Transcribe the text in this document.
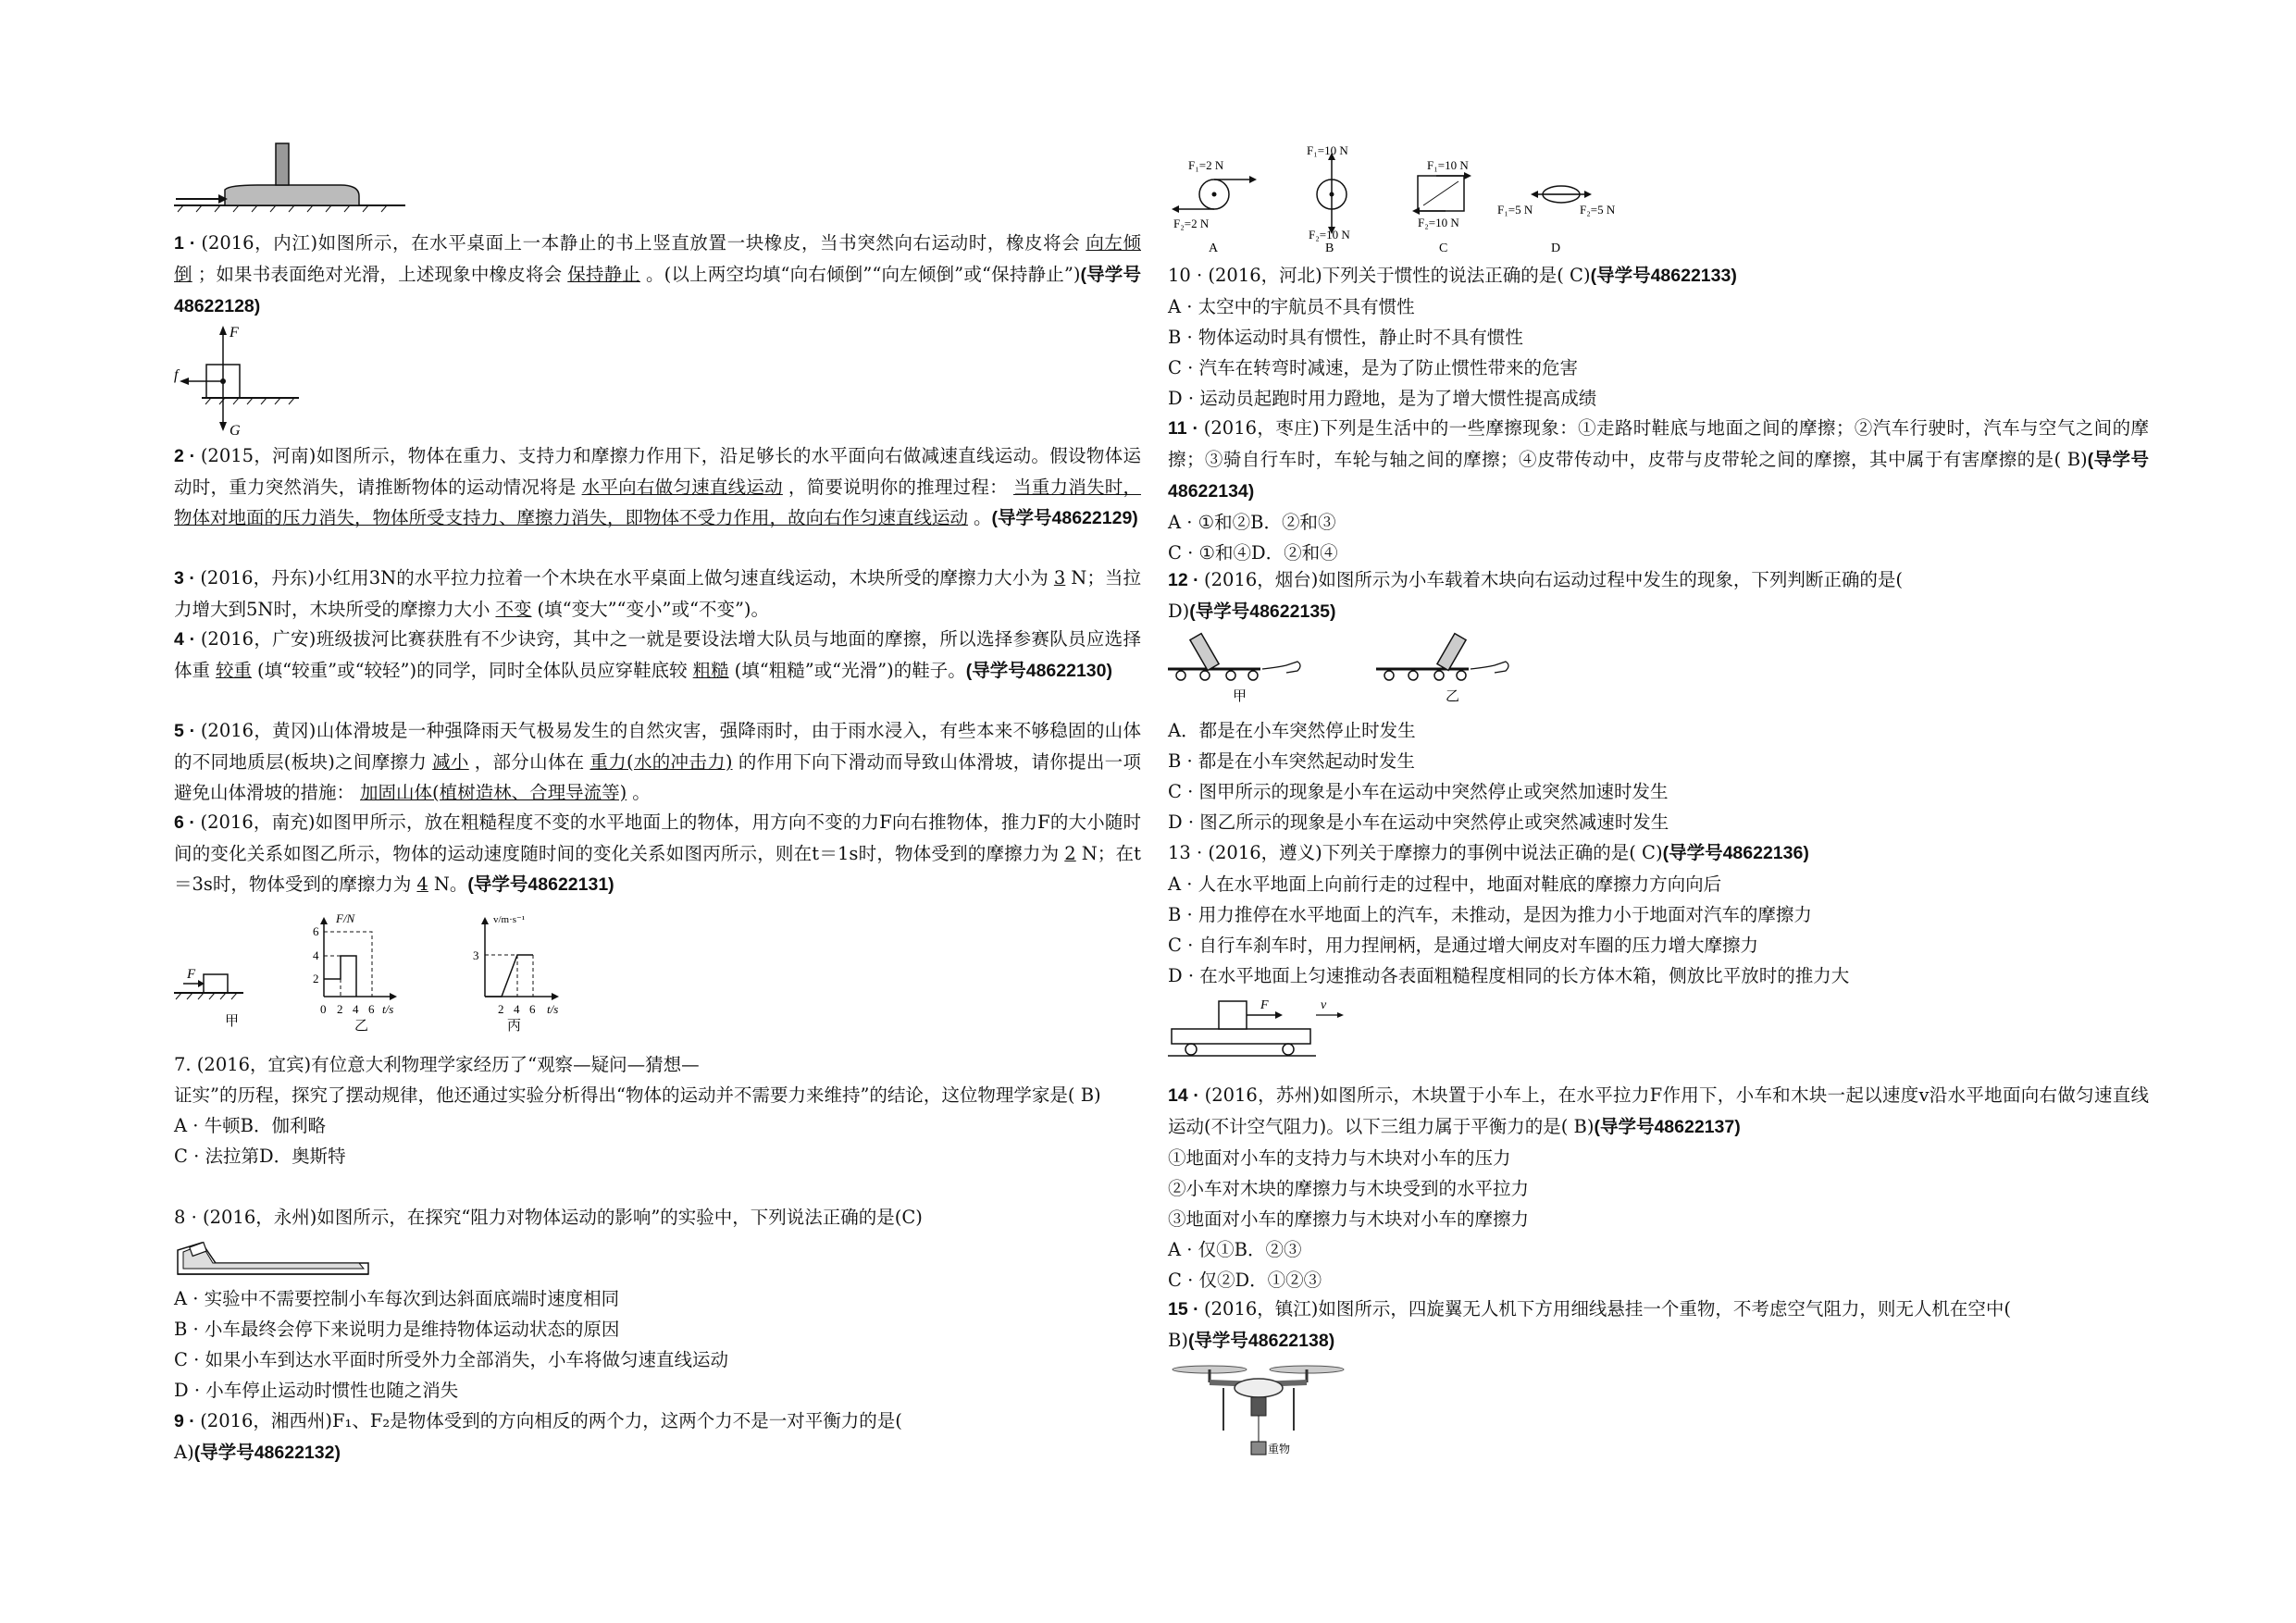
1 · (2016，内江)如图所示，在水平桌面上一本静止的书上竖直放置一块橡皮，当书突然向右运动时，橡皮将会 向左倾倒 ；如果书表面绝对光滑，上述现象中橡皮将会 保持静止 。(以上两空均填“向右倾倒”“向左倾倒”或“保持静止”)(导学号48622128)
F
f
G
2 · (2015，河南)如图所示，物体在重力、支持力和摩擦力作用下，沿足够长的水平面向右做减速直线运动。假设物体运动时，重力突然消失，请推断物体的运动情况将是 水平向右做匀速直线运动 ，简要说明你的推理过程： 当重力消失时，物体对地面的压力消失，物体所受支持力、摩擦力消失，即物体不受力作用，故向右作匀速直线运动 。(导学号48622129)
3 · (2016，丹东)小红用3N的水平拉力拉着一个木块在水平桌面上做匀速直线运动，木块所受的摩擦力大小为 3 N；当拉力增大到5N时，木块所受的摩擦力大小 不变 (填“变大”“变小”或“不变”)。
4 · (2016，广安)班级拔河比赛获胜有不少诀窍，其中之一就是要设法增大队员与地面的摩擦，所以选择参赛队员应选择体重 较重 (填“较重”或“较轻”)的同学，同时全体队员应穿鞋底较 粗糙 (填“粗糙”或“光滑”)的鞋子。(导学号48622130)
5 · (2016，黄冈)山体滑坡是一种强降雨天气极易发生的自然灾害，强降雨时，由于雨水浸入，有些本来不够稳固的山体的不同地质层(板块)之间摩擦力 减小 ，部分山体在 重力(水的冲击力) 的作用下向下滑动而导致山体滑坡，请你提出一项避免山体滑坡的措施： 加固山体(植树造林、合理导流等) 。
6 · (2016，南充)如图甲所示，放在粗糙程度不变的水平地面上的物体，用方向不变的力F向右推物体，推力F的大小随时间的变化关系如图乙所示，物体的运动速度随时间的变化关系如图丙所示，则在t＝1s时，物体受到的摩擦力为 2 N；在t＝3s时，物体受到的摩擦力为 4 N。(导学号48622131)
F
甲
F/N
6
4
2
0 2 4 6 t/s
乙
v/m·s⁻¹
3
2 4 6 t/s
丙
7. (2016，宜宾)有位意大利物理学家经历了“观察—疑问—猜想—
证实”的历程，探究了摆动规律，他还通过实验分析得出“物体的运动并不需要力来维持”的结论，这位物理学家是( B)
A · 牛顿B．伽利略
C · 法拉第D．奥斯特
8 · (2016，永州)如图所示，在探究“阻力对物体运动的影响”的实验中，下列说法正确的是(C)
A · 实验中不需要控制小车每次到达斜面底端时速度相同
B · 小车最终会停下来说明力是维持物体运动状态的原因
C · 如果小车到达水平面时所受外力全部消失，小车将做匀速直线运动
D · 小车停止运动时惯性也随之消失
9 · (2016，湘西州)F₁、F₂是物体受到的方向相反的两个力，这两个力不是一对平衡力的是(
A)(导学号48622132)
F₁=2 N
F₂=2 N
A
F₁=10 N
F₂=10 N
B
F₁=10 N
F₂=10 N
C
F₁=5 N	F₂=5 N
D
10 · (2016，河北)下列关于惯性的说法正确的是( C)(导学号48622133)
A · 太空中的宇航员不具有惯性
B · 物体运动时具有惯性，静止时不具有惯性
C · 汽车在转弯时减速，是为了防止惯性带来的危害
D · 运动员起跑时用力蹬地，是为了增大惯性提高成绩
11 · (2016，枣庄)下列是生活中的一些摩擦现象：①走路时鞋底与地面之间的摩擦；②汽车行驶时，汽车与空气之间的摩擦；③骑自行车时，车轮与轴之间的摩擦；④皮带传动中，皮带与皮带轮之间的摩擦，其中属于有害摩擦的是( B)(导学号48622134)
A · ①和②B．②和③
C · ①和④D．②和④
12 · (2016，烟台)如图所示为小车载着木块向右运动过程中发生的现象，下列判断正确的是(
D)(导学号48622135)
甲	乙
A．都是在小车突然停止时发生
B · 都是在小车突然起动时发生
C · 图甲所示的现象是小车在运动中突然停止或突然加速时发生
D · 图乙所示的现象是小车在运动中突然停止或突然减速时发生
13 · (2016，遵义)下列关于摩擦力的事例中说法正确的是( C)(导学号48622136)
A · 人在水平地面上向前行走的过程中，地面对鞋底的摩擦力方向向后
B · 用力推停在水平地面上的汽车，未推动，是因为推力小于地面对汽车的摩擦力
C · 自行车刹车时，用力捏闸柄，是通过增大闸皮对车圈的压力增大摩擦力
D · 在水平地面上匀速推动各表面粗糙程度相同的长方体木箱，侧放比平放时的推力大
F	v
14 · (2016，苏州)如图所示，木块置于小车上，在水平拉力F作用下，小车和木块一起以速度v沿水平地面向右做匀速直线运动(不计空气阻力)。以下三组力属于平衡力的是( B)(导学号48622137)
①地面对小车的支持力与木块对小车的压力
②小车对木块的摩擦力与木块受到的水平拉力
③地面对小车的摩擦力与木块对小车的摩擦力
A · 仅①B．②③
C · 仅②D．①②③
15 · (2016，镇江)如图所示，四旋翼无人机下方用细线悬挂一个重物，不考虑空气阻力，则无人机在空中(
B)(导学号48622138)
重物
